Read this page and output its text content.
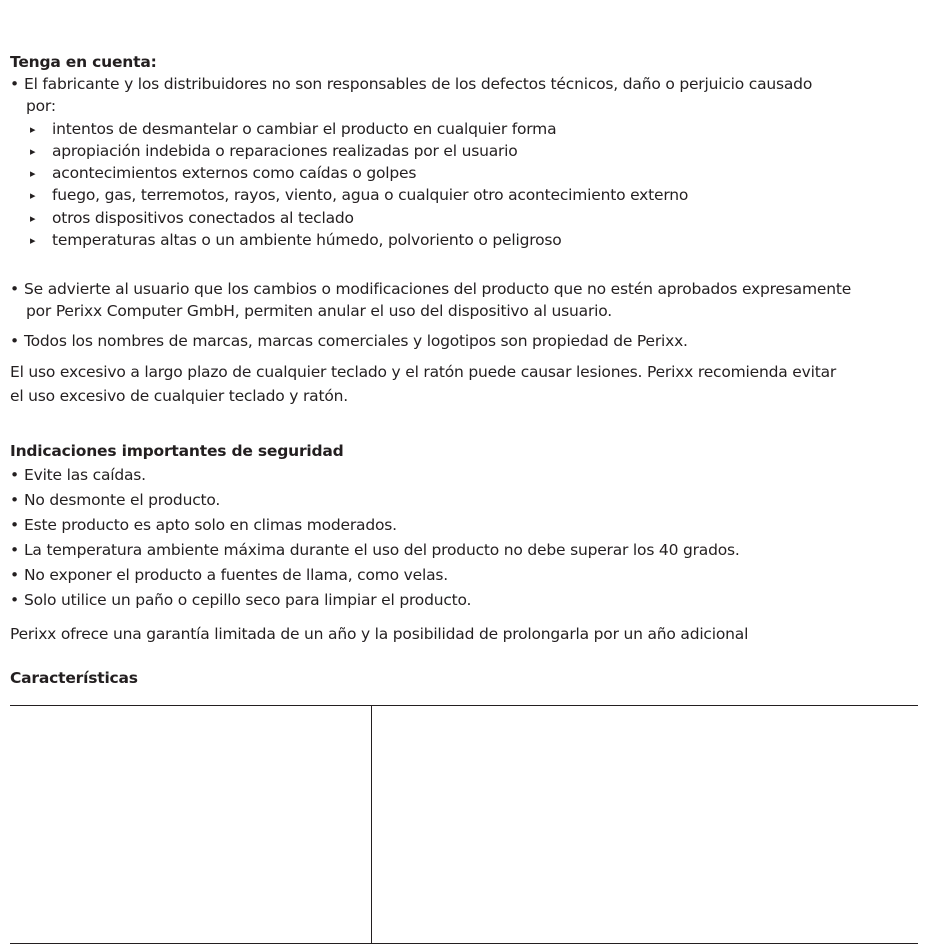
Tenga en cuenta:
• El fabricante y los distribuidores no son responsables de los defectos técnicos, daño o perjuicio causado
por:
▸ intentos de desmantelar o cambiar el producto en cualquier forma
▸ apropiación indebida o reparaciones realizadas por el usuario
▸ acontecimientos externos como caídas o golpes
▸ fuego, gas, terremotos, rayos, viento, agua o cualquier otro acontecimiento externo
▸ otros dispositivos conectados al teclado
▸ temperaturas altas o un ambiente húmedo, polvoriento o peligroso
• Se advierte al usuario que los cambios o modificaciones del producto que no estén aprobados expresamente
por Perixx Computer GmbH, permiten anular el uso del dispositivo al usuario.
• Todos los nombres de marcas, marcas comerciales y logotipos son propiedad de Perixx.
El uso excesivo a largo plazo de cualquier teclado y el ratón puede causar lesiones. Perixx recomienda evitar
el uso excesivo de cualquier teclado y ratón.
Indicaciones importantes de seguridad
• Evite las caídas.
• No desmonte el producto.
• Este producto es apto solo en climas moderados.
• La temperatura ambiente máxima durante el uso del producto no debe superar los 40 grados.
• No exponer el producto a fuentes de llama, como velas.
• Solo utilice un paño o cepillo seco para limpiar el producto.
Perixx ofrece una garantía limitada de un año y la posibilidad de prolongarla por un año adicional
Características
